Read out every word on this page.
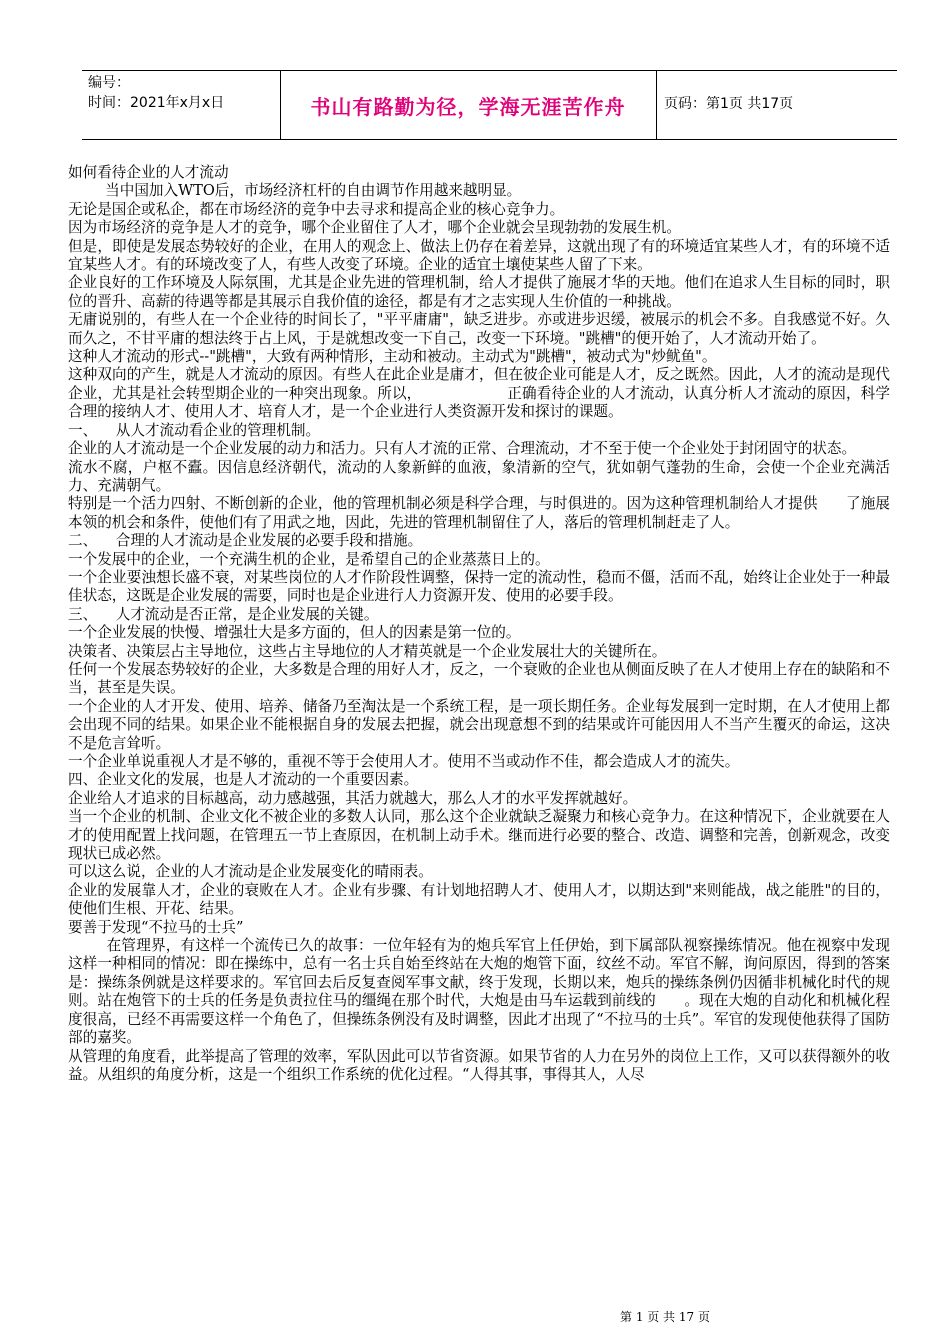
编号：
时间：2021年x月x日	书山有路勤为径，学海无涯苦作舟	页码：第1页 共17页

如何看待企业的人才流动

当中国加入WTO后，市场经济杠杆的自由调节作用越来越明显。

无论是国企或私企，都在市场经济的竞争中去寻求和提高企业的核心竞争力。

因为市场经济的竞争是人才的竞争，哪个企业留住了人才，哪个企业就会呈现勃勃的发展生机。

但是，即使是发展态势较好的企业，在用人的观念上、做法上仍存在着差异，这就出现了有的环境适宜某些人才，有的环境不适宜某些人才。有的环境改变了人，有些人改变了环境。企业的适宜土壤使某些人留了下来。

企业良好的工作环境及人际氛围，尤其是企业先进的管理机制，给人才提供了施展才华的天地。他们在追求人生目标的同时，职位的晋升、高薪的待遇等都是其展示自我价值的途径，都是有才之志实现人生价值的一种挑战。

无庸说别的，有些人在一个企业待的时间长了，"平平庸庸"，缺乏进步。亦或进步迟缓，被展示的机会不多。自我感觉不好。久而久之，不甘平庸的想法终于占上风，于是就想改变一下自己，改变一下环境。"跳槽"的便开始了，人才流动开始了。

这种人才流动的形式--"跳槽"，大致有两种情形，主动和被动。主动式为"跳槽"，被动式为"炒鱿鱼"。

这种双向的产生，就是人才流动的原因。有些人在此企业是庸才，但在彼企业可能是人才，反之既然。因此，人才的流动是现代企业，尤其是社会转型期企业的一种突出现象。所以，                  正确看待企业的人才流动，认真分析人才流动的原因，科学合理的接纳人才、使用人才、培育人才，是一个企业进行人类资源开发和探讨的课题。

一、    从人才流动看企业的管理机制。

企业的人才流动是一个企业发展的动力和活力。只有人才流的正常、合理流动，才不至于使一个企业处于封闭固守的状态。

流水不腐，户枢不蠹。因信息经济朝代，流动的人象新鲜的血液，象清新的空气，犹如朝气蓬勃的生命，会使一个企业充满活力、充满朝气。

特别是一个活力四射、不断创新的企业，他的管理机制必须是科学合理，与时俱进的。因为这种管理机制给人才提供      了施展本领的机会和条件，使他们有了用武之地，因此，先进的管理机制留住了人，落后的管理机制赶走了人。

二、    合理的人才流动是企业发展的必要手段和措施。

一个发展中的企业，一个充满生机的企业，是希望自己的企业蒸蒸日上的。

一个企业要浊想长盛不衰，对某些岗位的人才作阶段性调整，保持一定的流动性，稳而不僵，活而不乱，始终让企业处于一种最佳状态，这既是企业发展的需要，同时也是企业进行人力资源开发、使用的必要手段。

三、    人才流动是否正常，是企业发展的关键。

一个企业发展的快慢、增强壮大是多方面的，但人的因素是第一位的。

决策者、决策层占主导地位，这些占主导地位的人才精英就是一个企业发展壮大的关键所在。

任何一个发展态势较好的企业，大多数是合理的用好人才，反之，一个衰败的企业也从侧面反映了在人才使用上存在的缺陷和不当，甚至是失误。

一个企业的人才开发、使用、培养、储备乃至淘汰是一个系统工程，是一项长期任务。企业每发展到一定时期，在人才使用上都会出现不同的结果。如果企业不能根据自身的发展去把握，就会出现意想不到的结果或许可能因用人不当产生覆灭的命运，这决不是危言耸听。

一个企业单说重视人才是不够的，重视不等于会使用人才。使用不当或动作不佳，都会造成人才的流失。

四、企业文化的发展，也是人才流动的一个重要因素。

企业给人才追求的目标越高，动力感越强，其活力就越大，那么人才的水平发挥就越好。

当一个企业的机制、企业文化不被企业的多数人认同，那么这个企业就缺乏凝聚力和核心竞争力。在这种情况下，企业就要在人才的使用配置上找问题，在管理五一节上查原因，在机制上动手术。继而进行必要的整合、改造、调整和完善，创新观念，改变现状已成必然。

可以这么说，企业的人才流动是企业发展变化的晴雨表。

企业的发展靠人才，企业的衰败在人才。企业有步骤、有计划地招聘人才、使用人才，以期达到"来则能战，战之能胜"的目的，使他们生根、开花、结果。

要善于发现“不拉马的士兵”

在管理界，有这样一个流传已久的故事：一位年轻有为的炮兵军官上任伊始，到下属部队视察操练情况。他在视察中发现这样一种相同的情况：即在操练中，总有一名士兵自始至终站在大炮的炮管下面，纹丝不动。军官不解，询问原因，得到的答案是：操练条例就是这样要求的。军官回去后反复查阅军事文献，终于发现，长期以来，炮兵的操练条例仍因循非机械化时代的规则。站在炮管下的士兵的任务是负责拉住马的缰绳在那个时代，大炮是由马车运载到前线的      。现在大炮的自动化和机械化程度很高，已经不再需要这样一个角色了，但操练条例没有及时调整，因此才出现了“不拉马的士兵”。军官的发现使他获得了国防部的嘉奖。

从管理的角度看，此举提高了管理的效率，军队因此可以节省资源。如果节省的人力在另外的岗位上工作，又可以获得额外的收益。从组织的角度分析，这是一个组织工作系统的优化过程。“人得其事，事得其人，人尽

第 1 页 共 17 页
